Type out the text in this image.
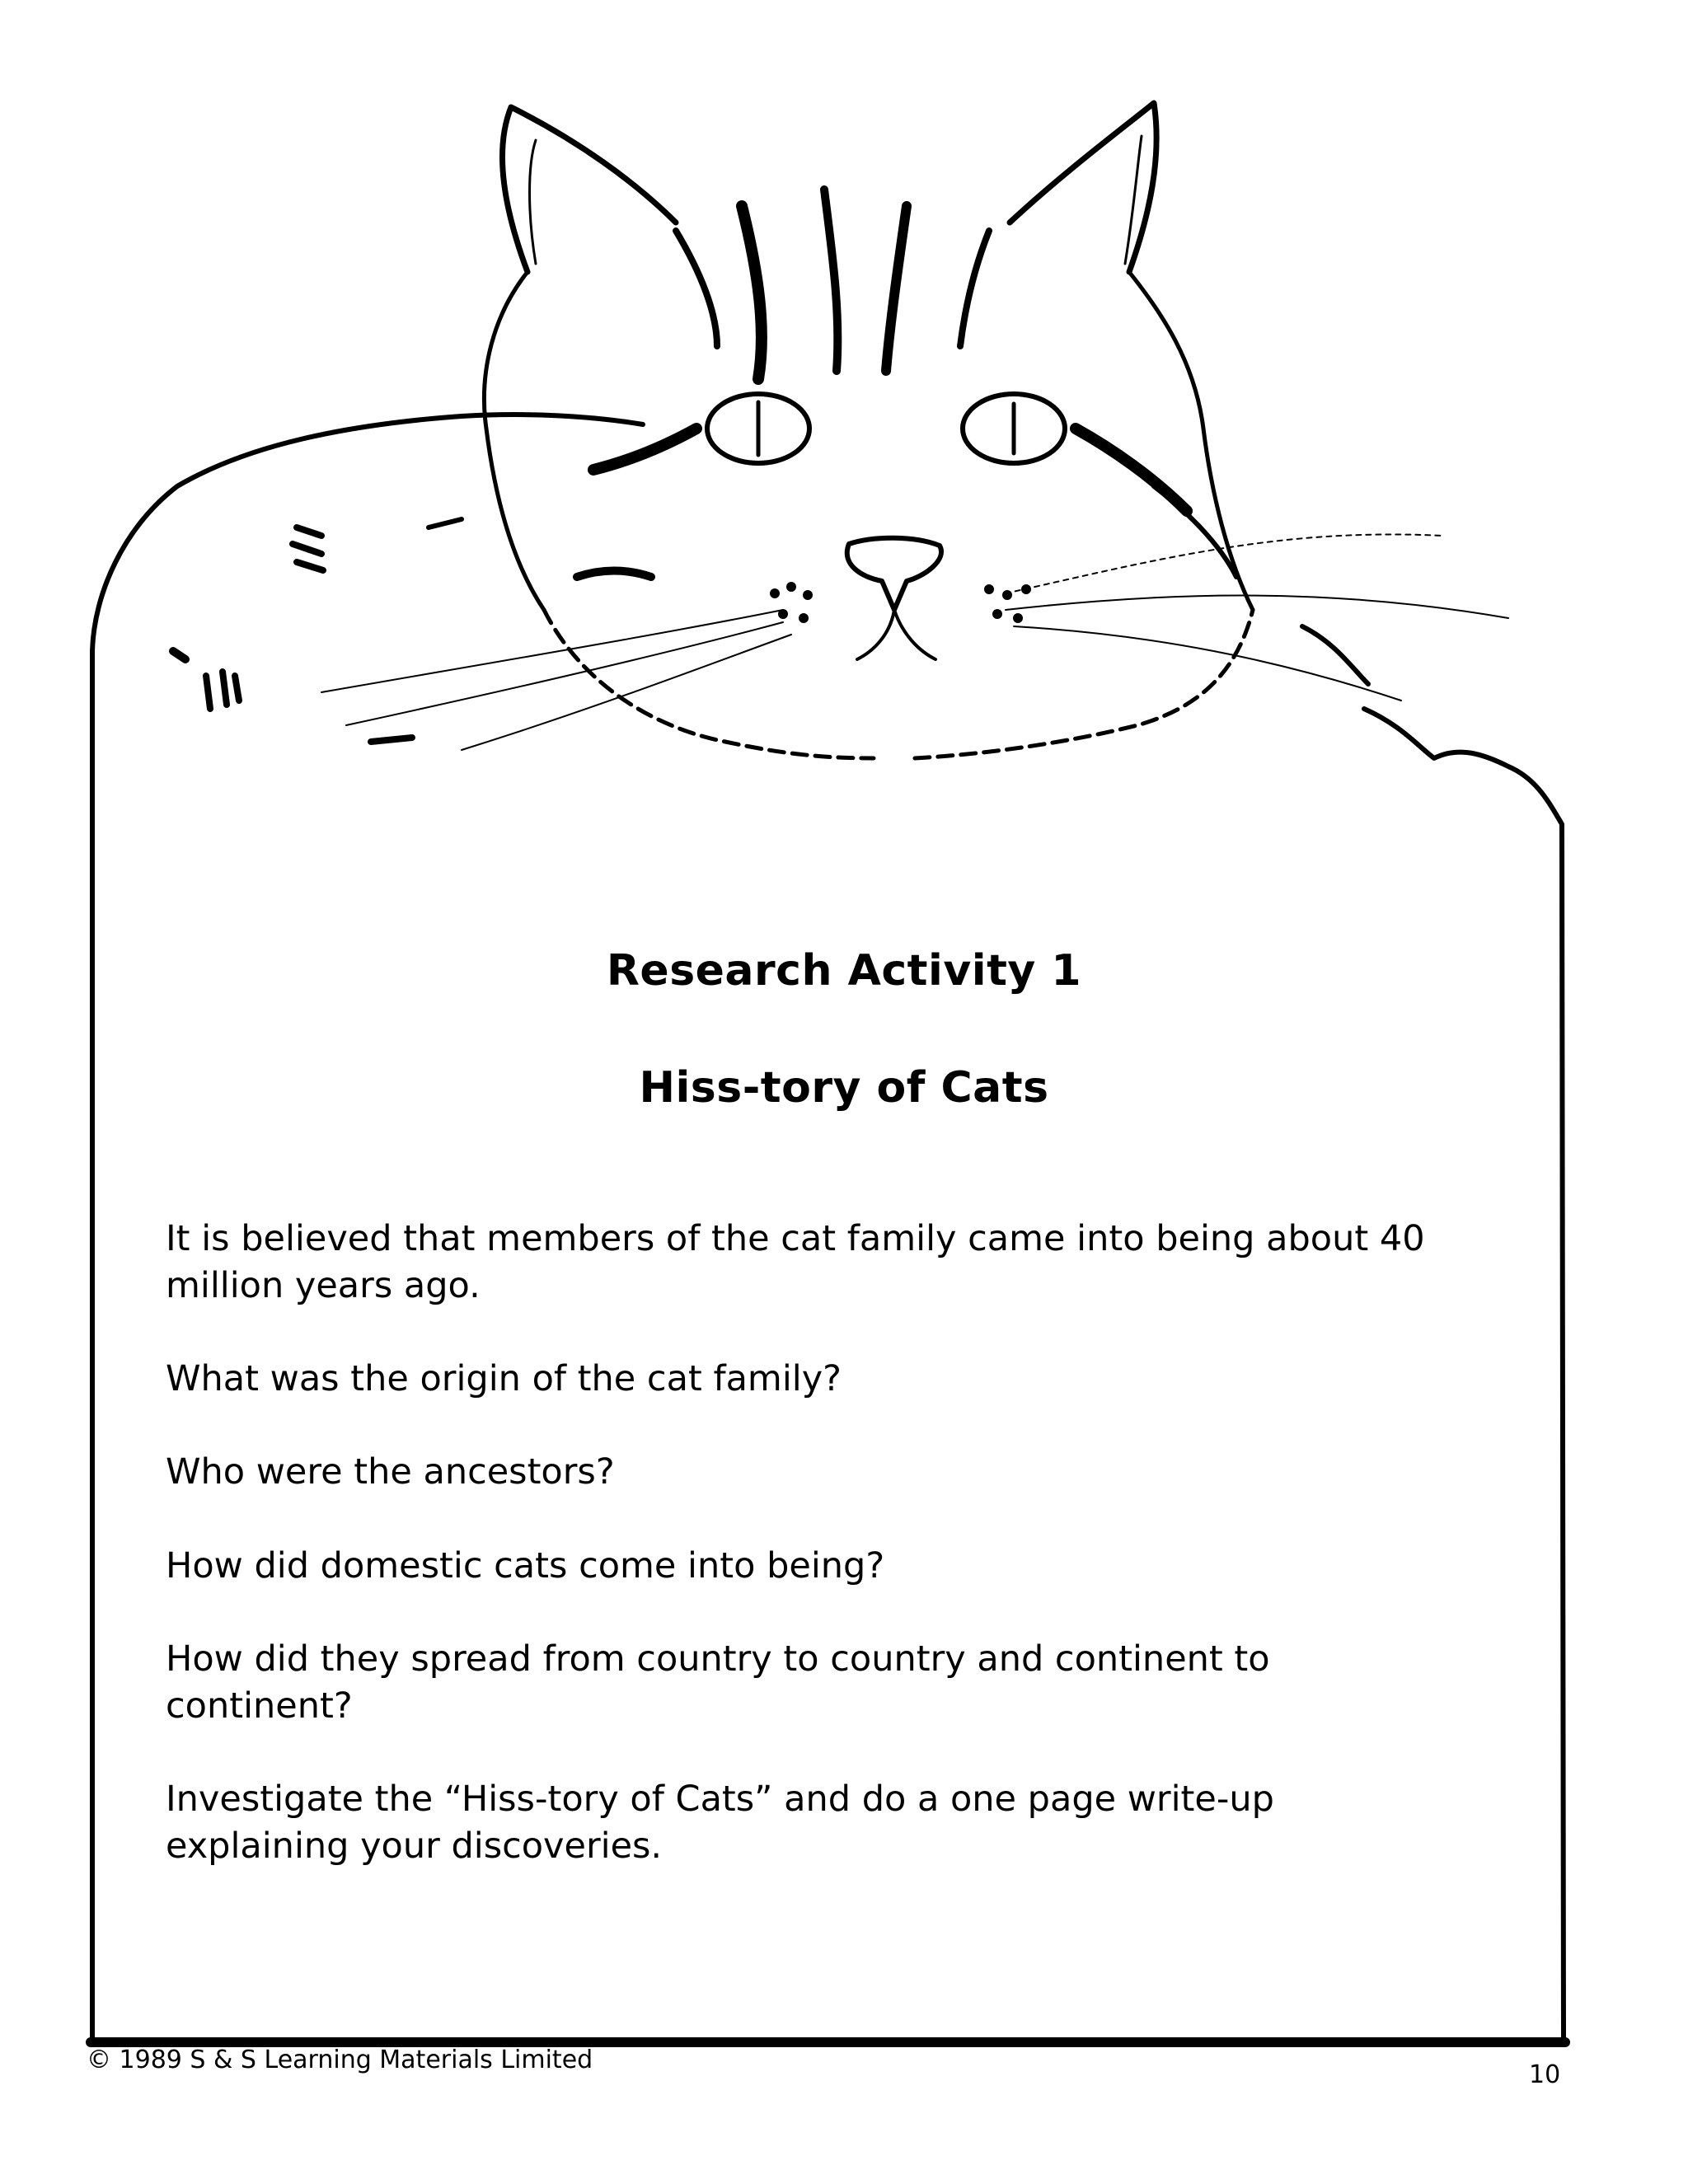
Research Activity 1
Hiss-tory of Cats

It is believed that members of the cat family came into being about 40 million years ago.

What was the origin of the cat family?

Who were the ancestors?

How did domestic cats come into being?

How did they spread from country to country and continent to continent?

Investigate the “Hiss-tory of Cats” and do a one page write-up explaining your discoveries.

© 1989 S & S Learning Materials Limited
10
